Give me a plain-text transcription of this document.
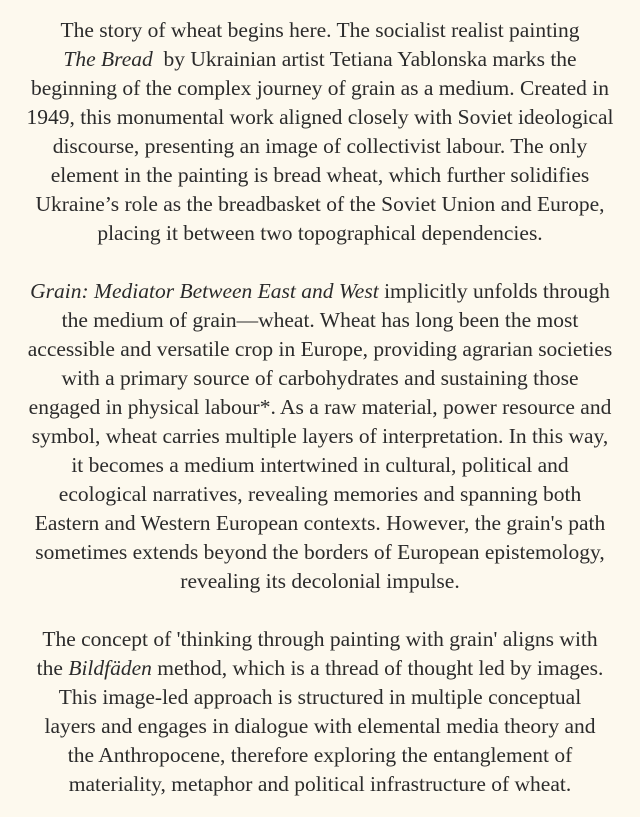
The story of wheat begins here. The socialist realist painting
The Bread  by Ukrainian artist Tetiana Yablonska marks the
beginning of the complex journey of grain as a medium. Created in
1949, this monumental work aligned closely with Soviet ideological
discourse, presenting an image of collectivist labour. The only
element in the painting is bread wheat, which further solidifies
Ukraine’s role as the breadbasket of the Soviet Union and Europe,
placing it between two topographical dependencies.
Grain: Mediator Between East and West implicitly unfolds through
the medium of grain—wheat. Wheat has long been the most
accessible and versatile crop in Europe, providing agrarian societies
with a primary source of carbohydrates and sustaining those
engaged in physical labour*. As a raw material, power resource and
symbol, wheat carries multiple layers of interpretation. In this way,
it becomes a medium intertwined in cultural, political and
ecological narratives, revealing memories and spanning both
Eastern and Western European contexts. However, the grain's path
sometimes extends beyond the borders of European epistemology,
revealing its decolonial impulse.
The concept of 'thinking through painting with grain' aligns with
the Bildfäden method, which is a thread of thought led by images.
This image-led approach is structured in multiple conceptual
layers and engages in dialogue with elemental media theory and
the Anthropocene, therefore exploring the entanglement of
materiality, metaphor and political infrastructure of wheat.
